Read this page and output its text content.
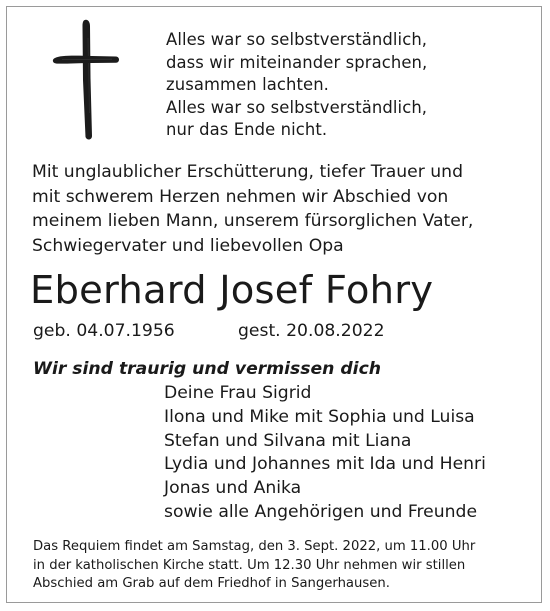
Alles war so selbstverständlich,
dass wir miteinander sprachen,
zusammen lachten.
Alles war so selbstverständlich,
nur das Ende nicht.
Mit unglaublicher Erschütterung, tiefer Trauer und
mit schwerem Herzen nehmen wir Abschied von
meinem lieben Mann, unserem fürsorglichen Vater,
Schwiegervater und liebevollen Opa
Eberhard Josef Fohry
geb. 04.07.1956	gest. 20.08.2022
Wir sind traurig und vermissen dich
Deine Frau Sigrid
Ilona und Mike mit Sophia und Luisa
Stefan und Silvana mit Liana
Lydia und Johannes mit Ida und Henri
Jonas und Anika
sowie alle Angehörigen und Freunde
Das Requiem findet am Samstag, den 3. Sept. 2022, um 11.00 Uhr
in der katholischen Kirche statt. Um 12.30 Uhr nehmen wir stillen
Abschied am Grab auf dem Friedhof in Sangerhausen.
